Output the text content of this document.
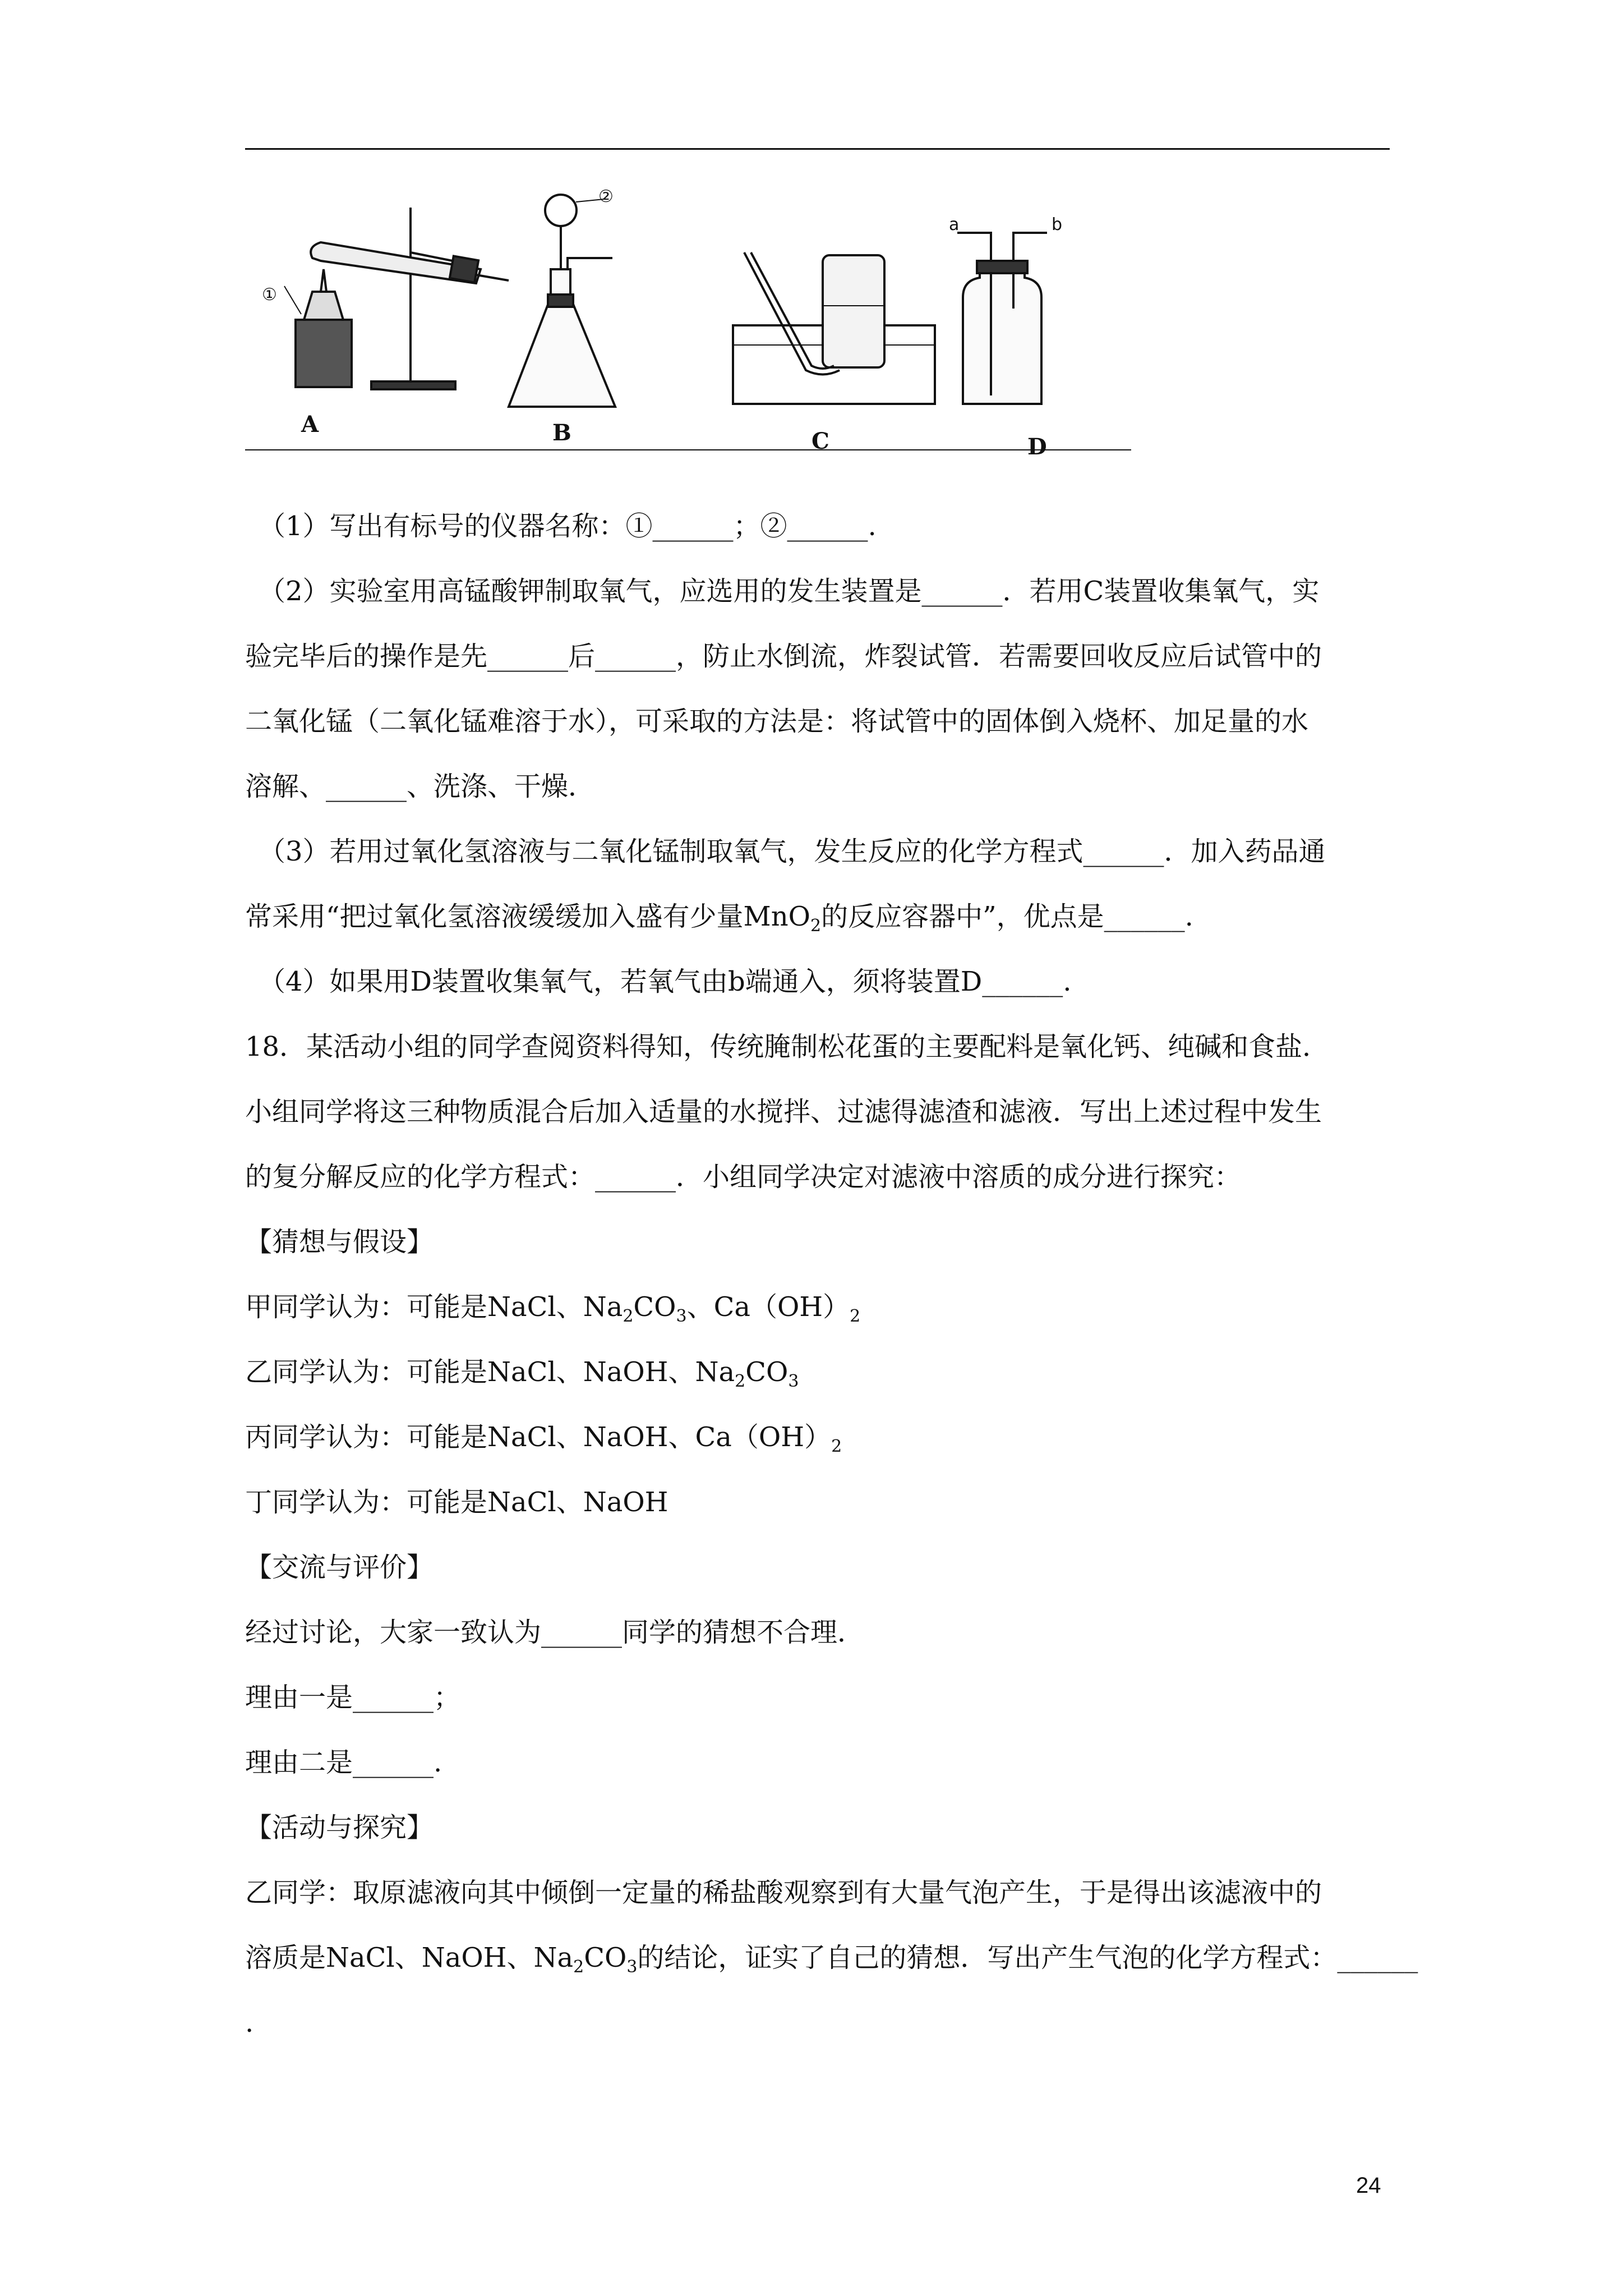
①
②
a	b
A	B	C	D

（1）写出有标号的仪器名称：①______；②______.

（2）实验室用高锰酸钾制取氧气，应选用的发生装置是______．若用C装置收集氧气，实

验完毕后的操作是先______后______，防止水倒流，炸裂试管．若需要回收反应后试管中的

二氧化锰（二氧化锰难溶于水），可采取的方法是：将试管中的固体倒入烧杯、加足量的水

溶解、______、洗涤、干燥．

（3）若用过氧化氢溶液与二氧化锰制取氧气，发生反应的化学方程式______．加入药品通

常采用“把过氧化氢溶液缓缓加入盛有少量MnO$_2$的反应容器中”，优点是______.

（4）如果用D装置收集氧气，若氧气由b端通入，须将装置D______.

18．某活动小组的同学查阅资料得知，传统腌制松花蛋的主要配料是氧化钙、纯碱和食盐．

小组同学将这三种物质混合后加入适量的水搅拌、过滤得滤渣和滤液．写出上述过程中发生

的复分解反应的化学方程式：______．小组同学决定对滤液中溶质的成分进行探究：

【猜想与假设】

甲同学认为：可能是NaCl、$Na_2CO_3$、$Ca(OH)_2$

乙同学认为：可能是NaCl、NaOH、$Na_2CO_3$

丙同学认为：可能是NaCl、NaOH、$Ca(OH)_2$

丁同学认为：可能是NaCl、NaOH

【交流与评价】

经过讨论，大家一致认为______同学的猜想不合理．

理由一是______；

理由二是______.

【活动与探究】

乙同学：取原滤液向其中倾倒一定量的稀盐酸观察到有大量气泡产生，于是得出该滤液中的

溶质是NaCl、NaOH、$Na_2CO_3$的结论，证实了自己的猜想．写出产生气泡的化学方程式：______

.

24
